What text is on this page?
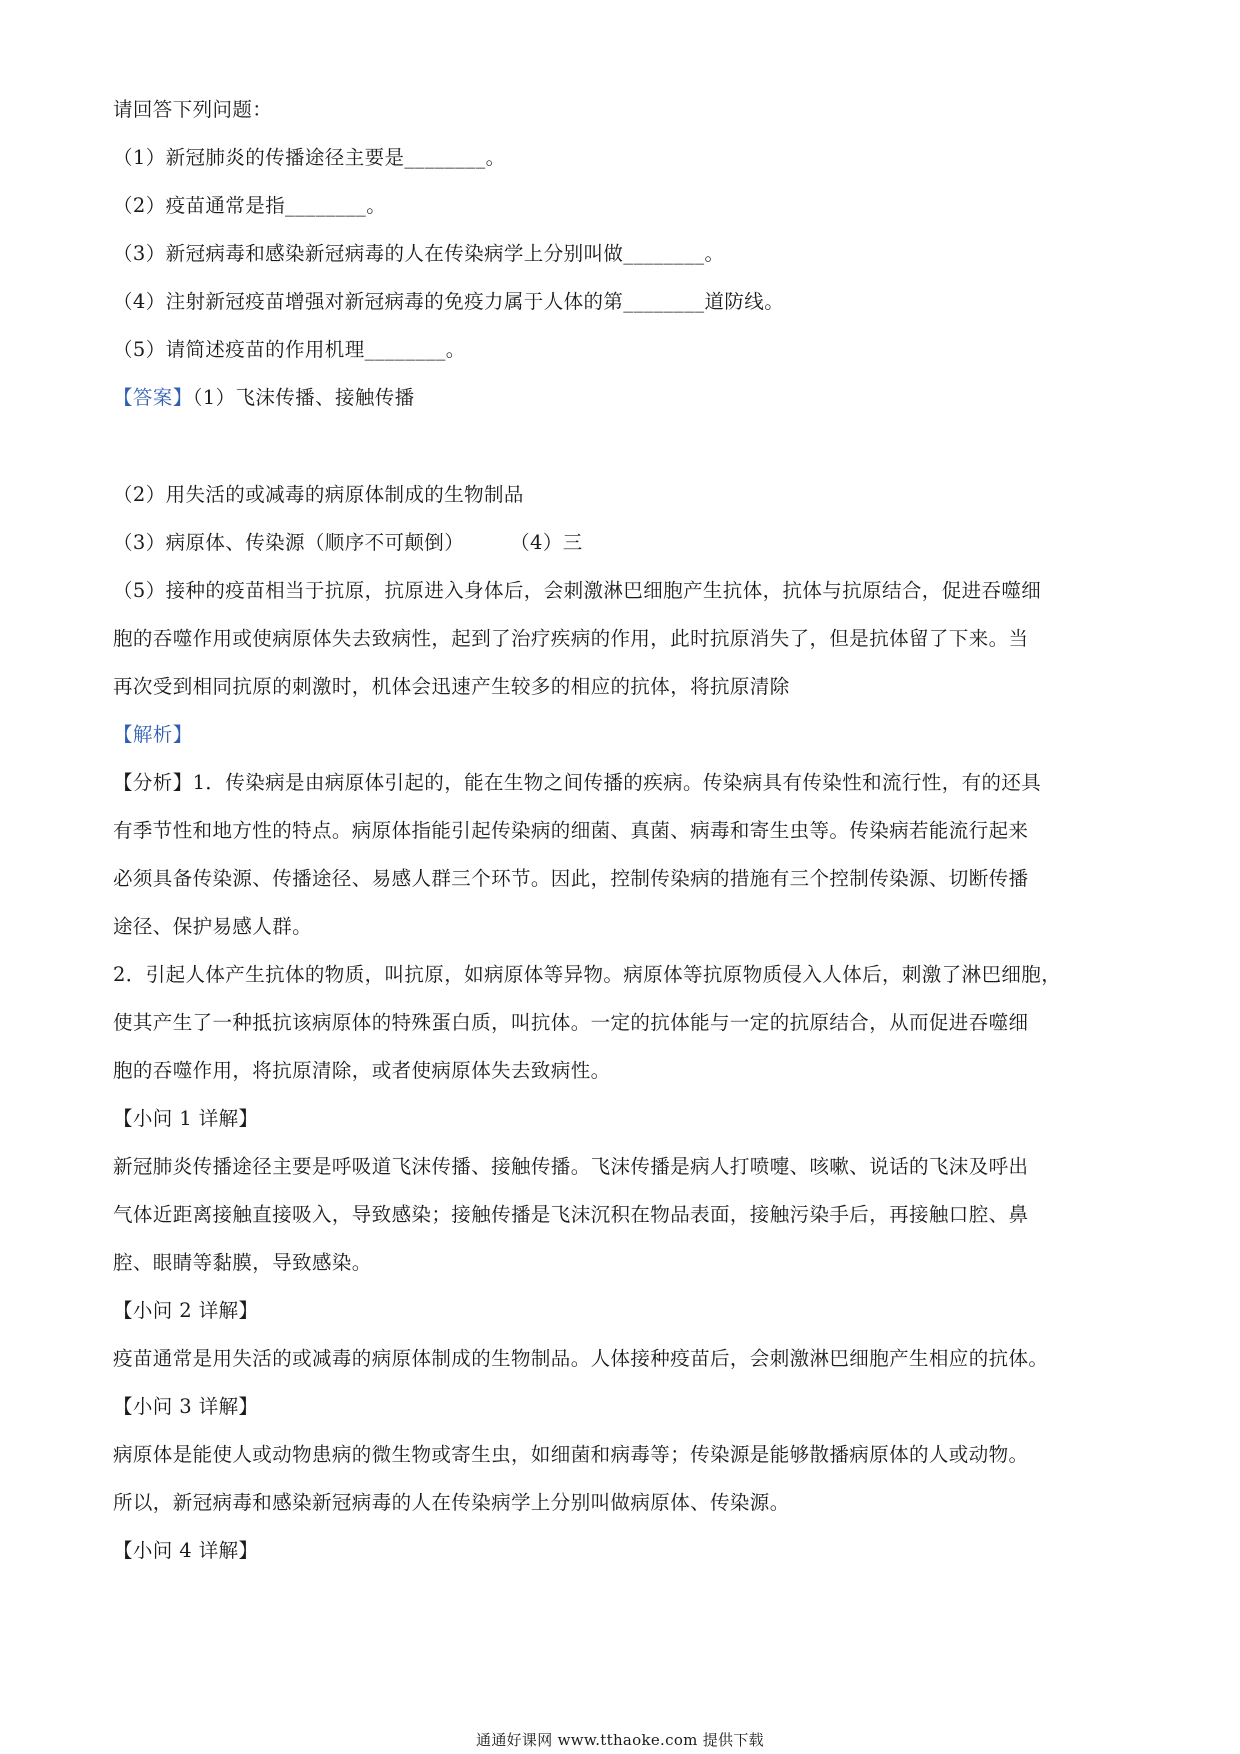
请回答下列问题：
（1）新冠肺炎的传播途径主要是________。
（2）疫苗通常是指________。
（3）新冠病毒和感染新冠病毒的人在传染病学上分别叫做________。
（4）注射新冠疫苗增强对新冠病毒的免疫力属于人体的第________道防线。
（5）请简述疫苗的作用机理________。
【答案】（1）飞沫传播、接触传播
（2）用失活的或减毒的病原体制成的生物制品
（3）病原体、传染源（顺序不可颠倒） （4）三
（5）接种的疫苗相当于抗原，抗原进入身体后，会刺激淋巴细胞产生抗体，抗体与抗原结合，促进吞噬细
胞的吞噬作用或使病原体失去致病性，起到了治疗疾病的作用，此时抗原消失了，但是抗体留了下来。当
再次受到相同抗原的刺激时，机体会迅速产生较多的相应的抗体，将抗原清除
【解析】
【分析】1．传染病是由病原体引起的，能在生物之间传播的疾病。传染病具有传染性和流行性，有的还具
有季节性和地方性的特点。病原体指能引起传染病的细菌、真菌、病毒和寄生虫等。传染病若能流行起来
必须具备传染源、传播途径、易感人群三个环节。因此，控制传染病的措施有三个控制传染源、切断传播
途径、保护易感人群。
2．引起人体产生抗体的物质，叫抗原，如病原体等异物。病原体等抗原物质侵入人体后，刺激了淋巴细胞，
使其产生了一种抵抗该病原体的特殊蛋白质，叫抗体。一定的抗体能与一定的抗原结合，从而促进吞噬细
胞的吞噬作用，将抗原清除，或者使病原体失去致病性。
【小问 1 详解】
新冠肺炎传播途径主要是呼吸道飞沫传播、接触传播。飞沫传播是病人打喷嚏、咳嗽、说话的飞沫及呼出
气体近距离接触直接吸入，导致感染；接触传播是飞沫沉积在物品表面，接触污染手后，再接触口腔、鼻
腔、眼睛等黏膜，导致感染。
【小问 2 详解】
疫苗通常是用失活的或减毒的病原体制成的生物制品。人体接种疫苗后，会刺激淋巴细胞产生相应的抗体。
【小问 3 详解】
病原体是能使人或动物患病的微生物或寄生虫，如细菌和病毒等；传染源是能够散播病原体的人或动物。
所以，新冠病毒和感染新冠病毒的人在传染病学上分别叫做病原体、传染源。
【小问 4 详解】
通通好课网 www.tthaoke.com 提供下载
